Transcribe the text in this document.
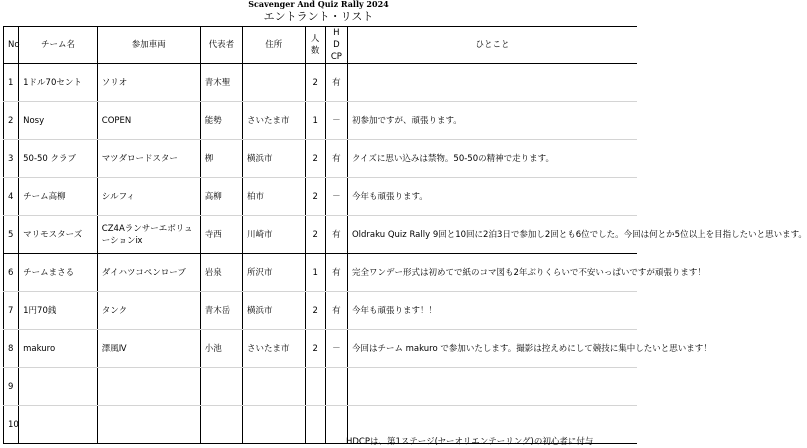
Scavenger And Quiz Rally 2024
エントラント・リスト
No	チーム名	参加車両	代表者	住所	人数	HDCP	ひとこと
1	1ドル70セント	ソリオ	青木聖		2	有	
2	Nosy	COPEN	能勢	さいたま市	1	－	初参加ですが、頑張ります。
3	50-50 クラブ	マツダロードスター	栁	横浜市	2	有	クイズに思い込みは禁物。50-50の精神で走ります。
4	チーム高柳	シルフィ	高柳	柏市	2	－	今年も頑張ります。
5	マリモスターズ	CZ4Aランサーエボリューションⅸ	寺西	川崎市	2	有	Oldraku Quiz Rally 9回と10回に2泊3日で参加し2回とも6位でした。今回は何とか5位以上を目指したいと思います。
6	チームまさる	ダイハツコペンローブ	岩泉	所沢市	1	有	完全ワンデー形式は初めてで紙のコマ図も2年ぶりくらいで不安いっぱいですが頑張ります！
7	1円70銭	タンク	青木岳	横浜市	2	有	今年も頑張ります！！
8	makuro	澤風Ⅳ	小池	さいたま市	2	－	今回はチーム makuro で参加いたします。撮影は控えめにして競技に集中したいと思います！
9							
10							
HDCPは、第1ステージ(セーオリエンテーリング)の初心者に付与
